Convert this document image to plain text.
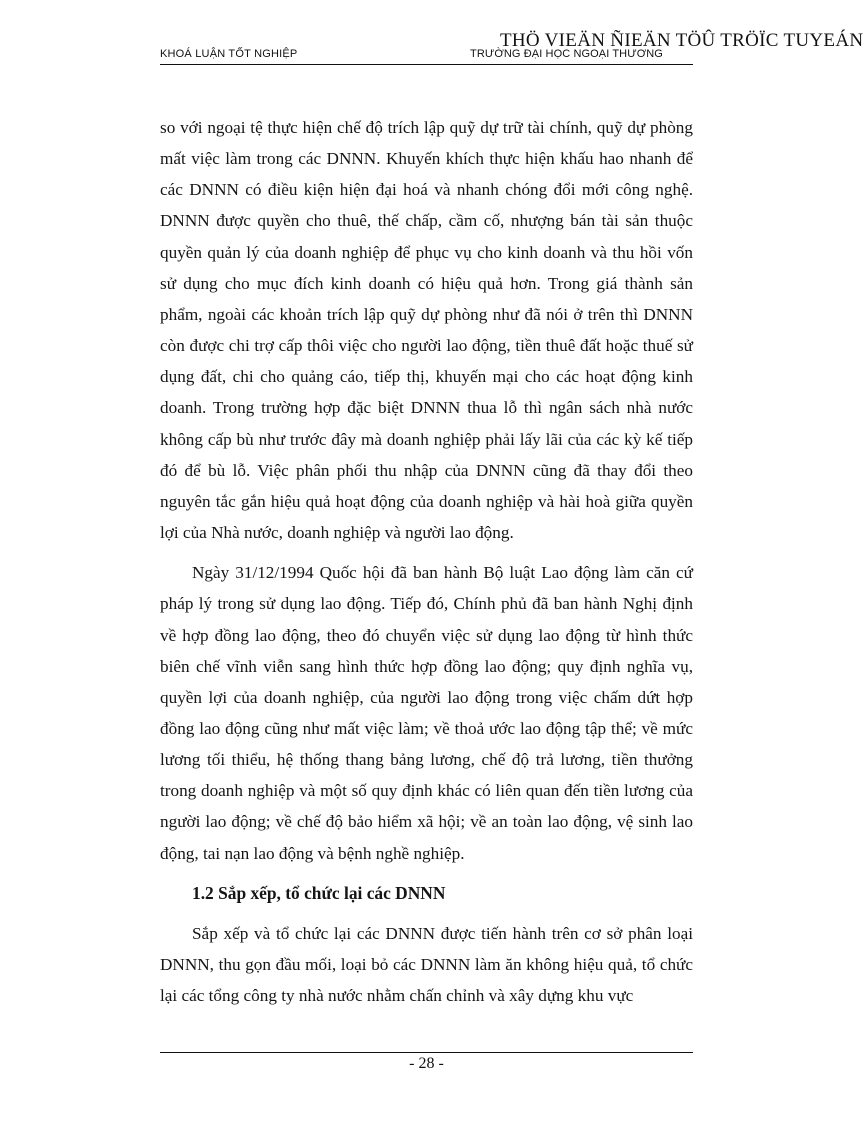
THÖ VIEÄN ÑIEÄN TÖÛ TRÖÏC TUYEÁN
KHOÁ LUẬN TỐT NGHIỆP	TRƯỜNG ĐẠI HỌC NGOẠI THƯƠNG

so với ngoại tệ thực hiện chế độ trích lập quỹ dự trữ tài chính, quỹ dự phòng mất việc làm trong các DNNN. Khuyến khích thực hiện khấu hao nhanh để các DNNN có điều kiện hiện đại hoá và nhanh chóng đổi mới công nghệ. DNNN được quyền cho thuê, thế chấp, cầm cố, nhượng bán tài sản thuộc quyền quản lý của doanh nghiệp để phục vụ cho kinh doanh và thu hồi vốn sử dụng cho mục đích kinh doanh có hiệu quả hơn. Trong giá thành sản phẩm, ngoài các khoản trích lập quỹ dự phòng như đã nói ở trên thì DNNN còn được chi trợ cấp thôi việc cho người lao động, tiền thuê đất hoặc thuế sử dụng đất, chi cho quảng cáo, tiếp thị, khuyến mại cho các hoạt động kinh doanh. Trong trường hợp đặc biệt DNNN thua lỗ thì ngân sách nhà nước không cấp bù như trước đây mà doanh nghiệp phải lấy lãi của các kỳ kế tiếp đó để bù lỗ. Việc phân phối thu nhập của DNNN cũng đã thay đổi theo nguyên tắc gắn hiệu quả hoạt động của doanh nghiệp và hài hoà giữa quyền lợi của Nhà nước, doanh nghiệp và người lao động.

Ngày 31/12/1994 Quốc hội đã ban hành Bộ luật Lao động làm căn cứ pháp lý trong sử dụng lao động. Tiếp đó, Chính phủ đã ban hành Nghị định về hợp đồng lao động, theo đó chuyển việc sử dụng lao động từ hình thức biên chế vĩnh viễn sang hình thức hợp đồng lao động; quy định nghĩa vụ, quyền lợi của doanh nghiệp, của người lao động trong việc chấm dứt hợp đồng lao động cũng như mất việc làm; về thoả ước lao động tập thể; về mức lương tối thiểu, hệ thống thang bảng lương, chế độ trả lương, tiền thưởng trong doanh nghiệp và một số quy định khác có liên quan đến tiền lương của người lao động; về chế độ bảo hiểm xã hội; về an toàn lao động, vệ sinh lao động, tai nạn lao động và bệnh nghề nghiệp.

1.2 Sắp xếp, tổ chức lại các DNNN

Sắp xếp và tổ chức lại các DNNN được tiến hành trên cơ sở phân loại DNNN, thu gọn đầu mối, loại bỏ các DNNN làm ăn không hiệu quả, tổ chức lại các tổng công ty nhà nước nhằm chấn chỉnh và xây dựng khu vực

- 28 -
